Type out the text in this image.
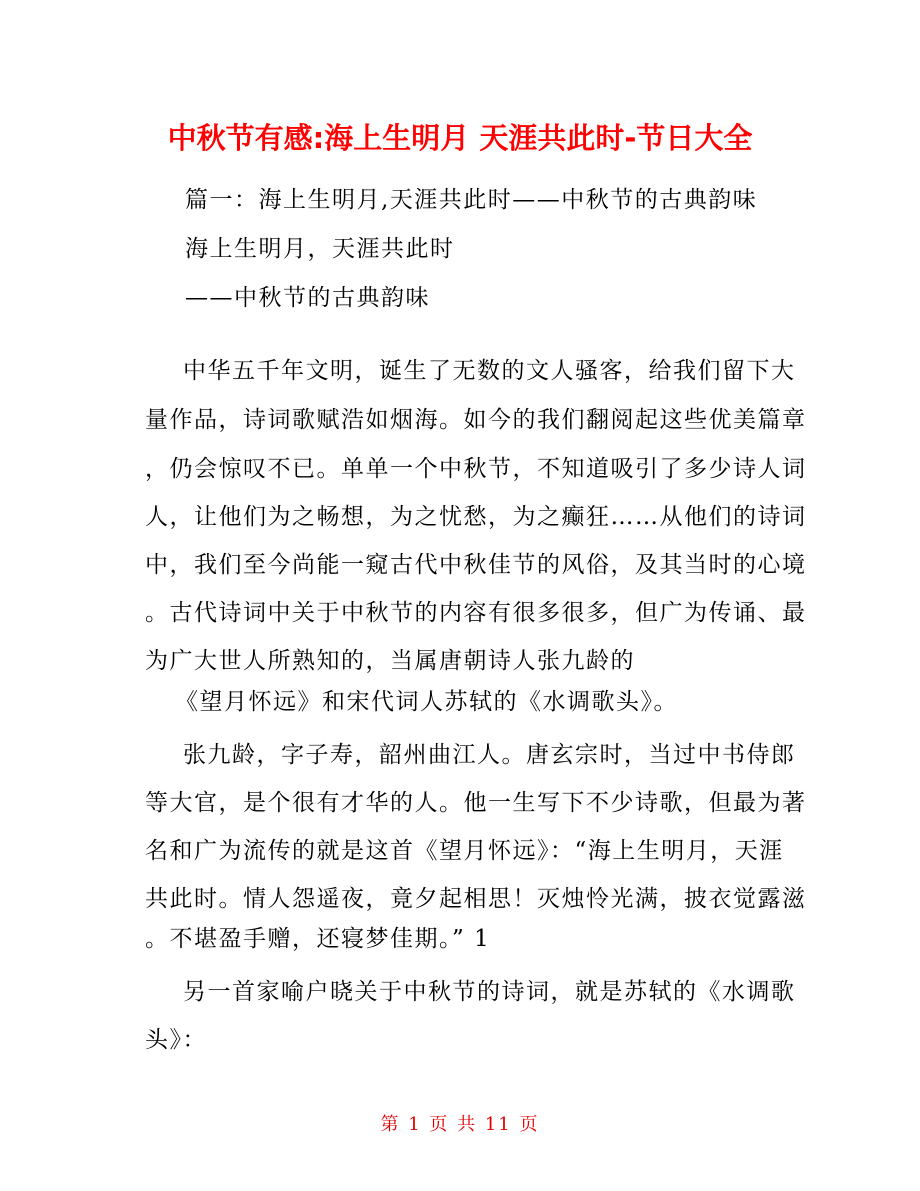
中秋节有感:海上生明月 天涯共此时-节日大全
篇一：海上生明月,天涯共此时——中秋节的古典韵味
海上生明月，天涯共此时
——中秋节的古典韵味
中华五千年文明，诞生了无数的文人骚客，给我们留下大
量作品，诗词歌赋浩如烟海。如今的我们翻阅起这些优美篇章
，仍会惊叹不已。单单一个中秋节，不知道吸引了多少诗人词
人，让他们为之畅想，为之忧愁，为之癫狂……从他们的诗词
中，我们至今尚能一窥古代中秋佳节的风俗，及其当时的心境
。古代诗词中关于中秋节的内容有很多很多，但广为传诵、最
为广大世人所熟知的，当属唐朝诗人张九龄的
《望月怀远》和宋代词人苏轼的《水调歌头》。
张九龄，字子寿，韶州曲江人。唐玄宗时，当过中书侍郎
等大官，是个很有才华的人。他一生写下不少诗歌，但最为著
名和广为流传的就是这首《望月怀远》：“海上生明月，天涯
共此时。情人怨遥夜，竟夕起相思！灭烛怜光满，披衣觉露滋
。不堪盈手赠，还寝梦佳期。” 1
另一首家喻户晓关于中秋节的诗词，就是苏轼的《水调歌
头》：
第 1 页 共 11 页
